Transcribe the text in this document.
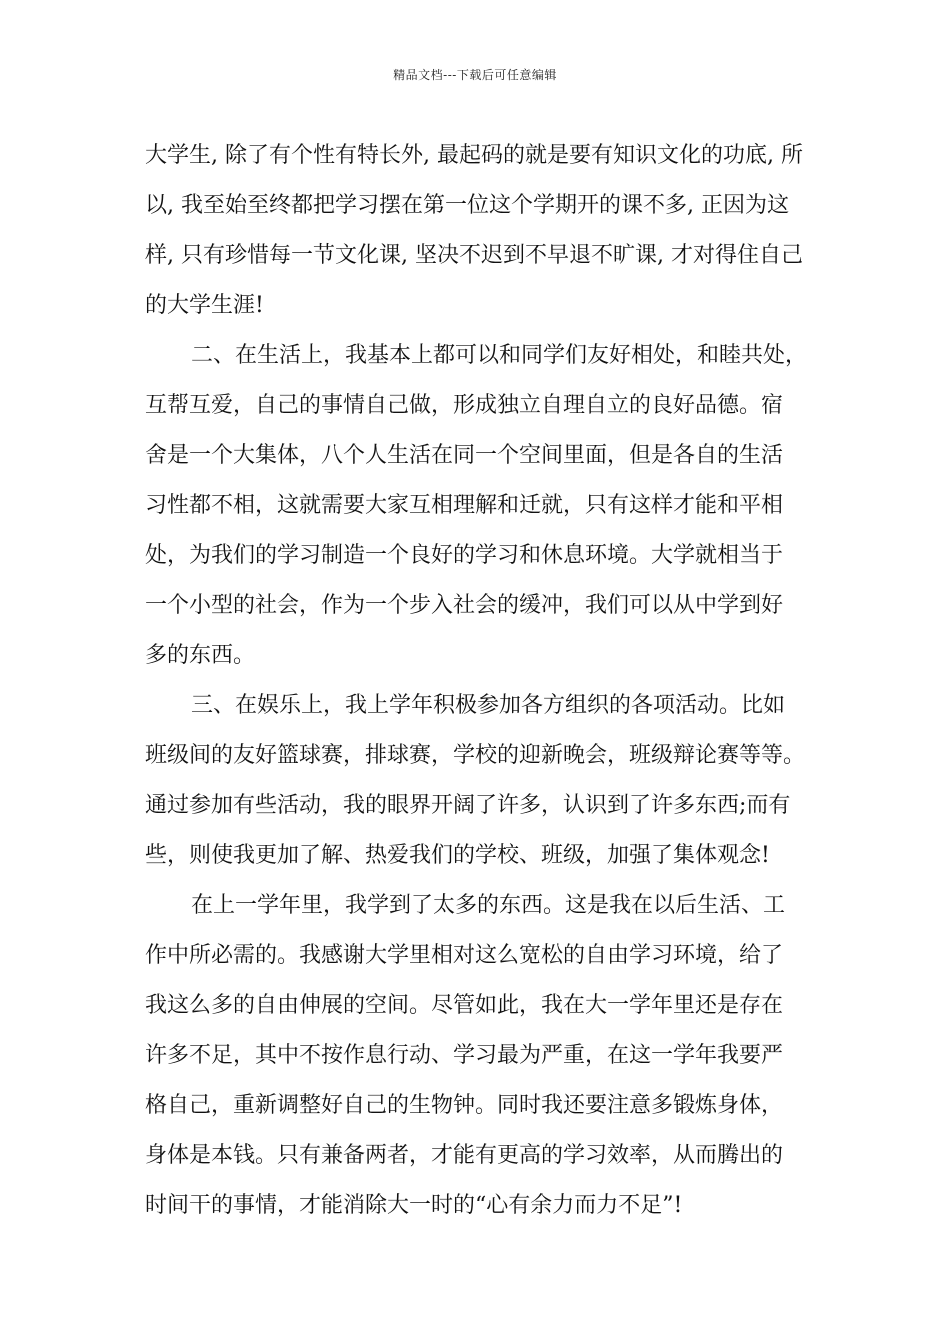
精品文档---下载后可任意编辑
大学生, 除了有个性有特长外, 最起码的就是要有知识文化的功底, 所
以, 我至始至终都把学习摆在第一位这个学期开的课不多, 正因为这
样, 只有珍惜每一节文化课, 坚决不迟到不早退不旷课, 才对得住自己
的大学生涯!
二、在生活上，我基本上都可以和同学们友好相处，和睦共处，
互帮互爱，自己的事情自己做，形成独立自理自立的良好品德。宿
舍是一个大集体，八个人生活在同一个空间里面，但是各自的生活
习性都不相，这就需要大家互相理解和迁就，只有这样才能和平相
处，为我们的学习制造一个良好的学习和休息环境。大学就相当于
一个小型的社会，作为一个步入社会的缓冲，我们可以从中学到好
多的东西。
三、在娱乐上，我上学年积极参加各方组织的各项活动。比如
班级间的友好篮球赛，排球赛，学校的迎新晚会，班级辩论赛等等。
通过参加有些活动，我的眼界开阔了许多，认识到了许多东西;而有
些，则使我更加了解、热爱我们的学校、班级，加强了集体观念!
在上一学年里，我学到了太多的东西。这是我在以后生活、工
作中所必需的。我感谢大学里相对这么宽松的自由学习环境，给了
我这么多的自由伸展的空间。尽管如此，我在大一学年里还是存在
许多不足，其中不按作息行动、学习最为严重，在这一学年我要严
格自己，重新调整好自己的生物钟。同时我还要注意多锻炼身体，
身体是本钱。只有兼备两者，才能有更高的学习效率，从而腾出的
时间干的事情，才能消除大一时的“心有余力而力不足”!
